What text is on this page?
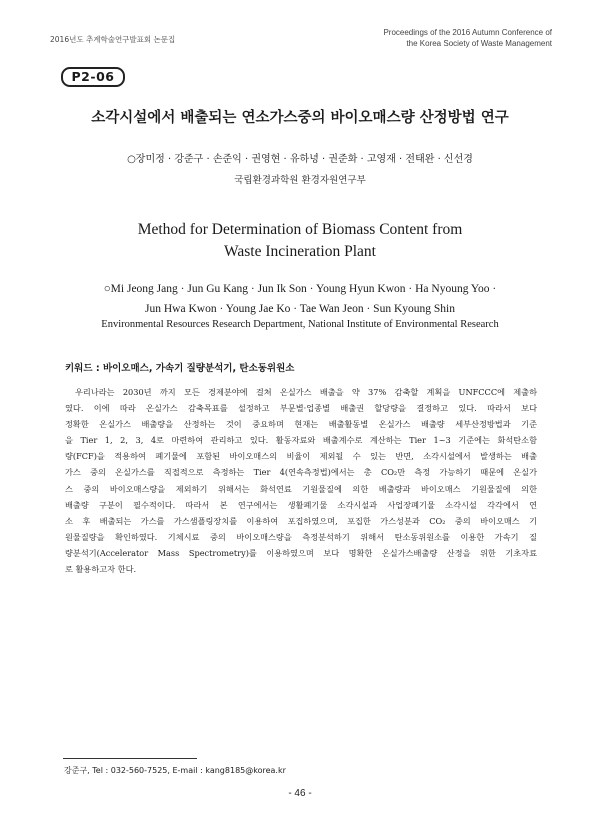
2016년도 추계학술연구발표회 논문집
Proceedings of the 2016 Autumn Conference of
the Korea Society of Waste Management
P2-06
소각시설에서 배출되는 연소가스중의 바이오매스량 산정방법 연구
○장미정 · 강준구 · 손준익 · 권영현 · 유하녕 · 권준화 · 고영재 · 전태완 · 신선경
국립환경과학원 환경자원연구부
Method for Determination of Biomass Content from
Waste Incineration Plant
○Mi Jeong Jang · Jun Gu Kang · Jun Ik Son · Young Hyun Kwon · Ha Nyoung Yoo ·
Jun Hwa Kwon · Young Jae Ko · Tae Wan Jeon · Sun Kyoung Shin
Environmental Resources Research Department, National Institute of Environmental Research
키워드 : 바이오매스, 가속기 질량분석기, 탄소동위원소
우리나라는 2030년 까지 모든 경제분야에 걸쳐 온실가스 배출을 약 37% 감축할 계획을 UNFCCC에 제출하
였다. 이에 따라 온실가스 감축목표를 설정하고 부문별·업종별 배출권 할당량을 결정하고 있다. 따라서 보다
정확한 온실가스 배출량을 산정하는 것이 중요하며 현재는 배출활동별 온실가스 배출량 세부산정방법과 기준
을 Tier 1, 2, 3, 4로 마련하여 관리하고 있다. 활동자료와 배출계수로 계산하는 Tier 1~3 기준에는 화석탄소함
량(FCF)을 적용하여 폐기물에 포함된 바이오매스의 비율이 제외될 수 있는 반면, 소각시설에서 발생하는 배출
가스 중의 온실가스를 직접적으로 측정하는 Tier 4(연속측정법)에서는 총 CO₂만 측정 가능하기 때문에 온실가
스 중의 바이오매스량을 제외하기 위해서는 화석연료 기원물질에 의한 배출량과 바이오매스 기원물질에 의한
배출량 구분이 필수적이다. 따라서 본 연구에서는 생활폐기물 소각시설과 사업장폐기물 소각시설 각각에서 연
소 후 배출되는 가스를 가스샘플링장치를 이용하여 포집하였으며, 포집한 가스성분과 CO₂ 중의 바이오매스 기
원물질량을 확인하였다. 기체시료 중의 바이오매스량을 측정분석하기 위해서 탄소동위원소를 이용한 가속기 질
량분석기(Accelerator Mass Spectrometry)를 이용하였으며 보다 명확한 온실가스배출량 산정을 위한 기초자료
로 활용하고자 한다.
강준구, Tel : 032-560-7525, E-mail : kang8185@korea.kr
- 46 -
